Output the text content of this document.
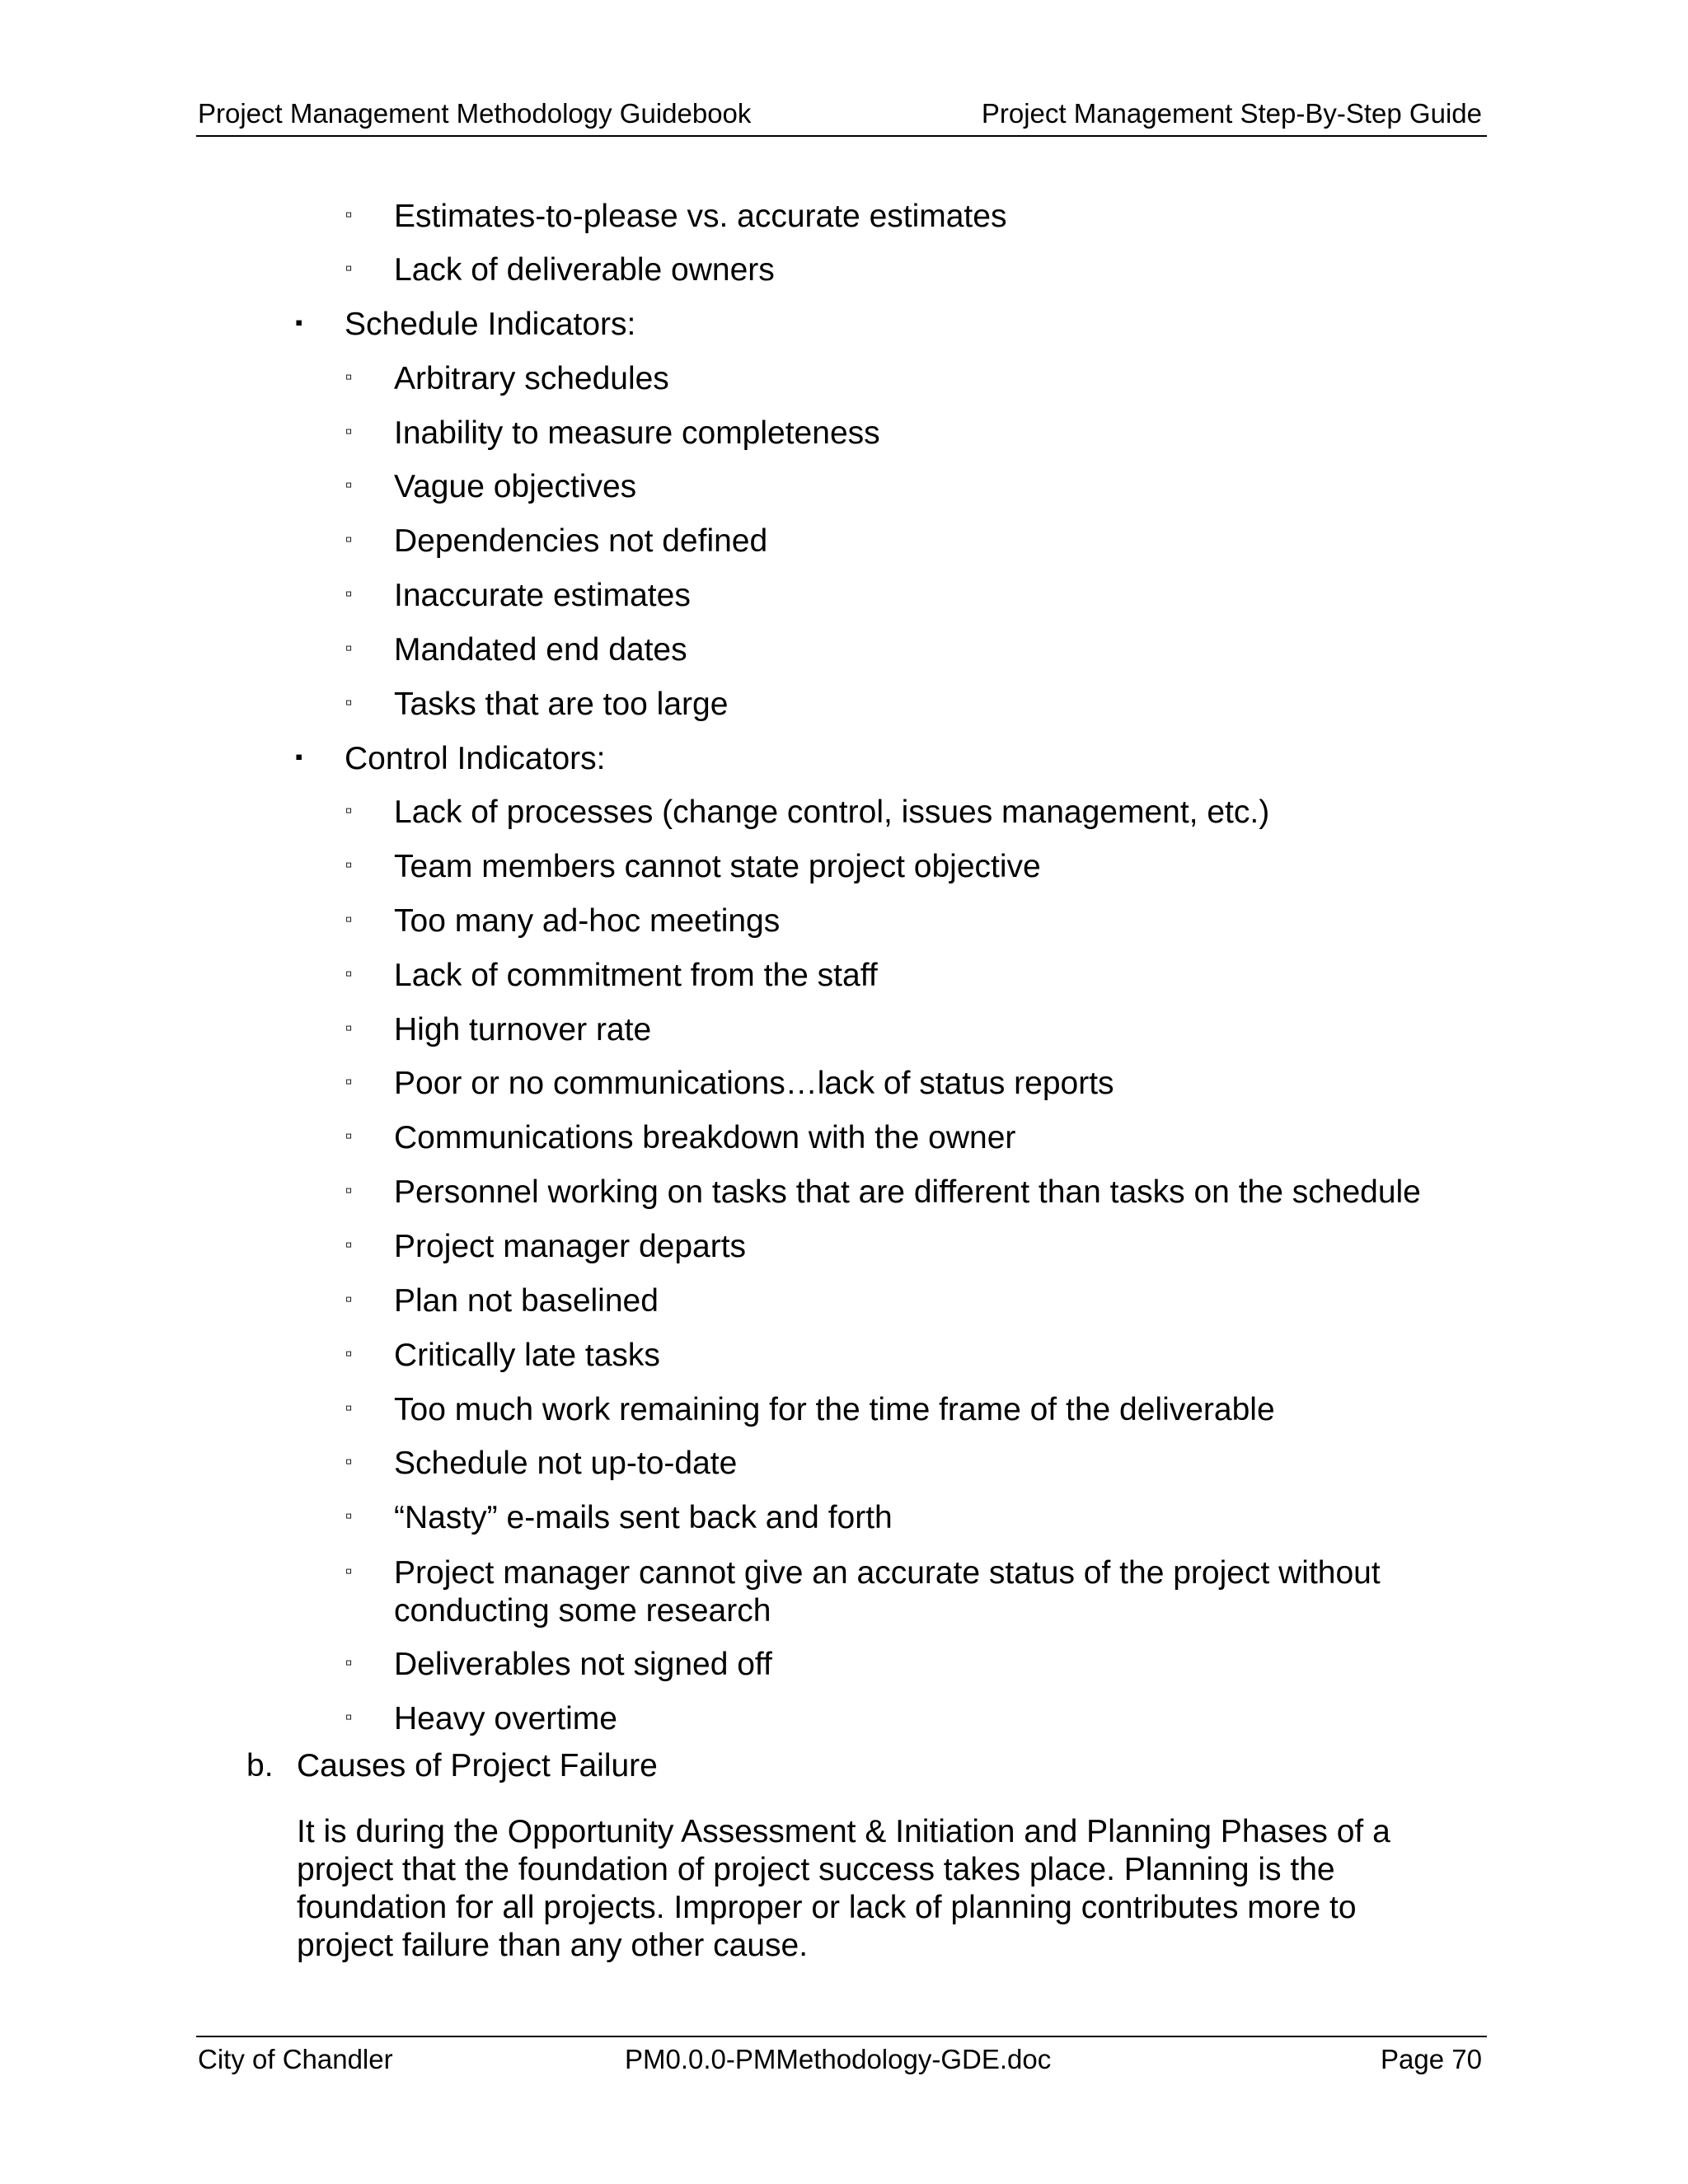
Project Management Methodology Guidebook	Project Management Step-By-Step Guide
▫ Estimates-to-please vs. accurate estimates
▫ Lack of deliverable owners
▪ Schedule Indicators:
▫ Arbitrary schedules
▫ Inability to measure completeness
▫ Vague objectives
▫ Dependencies not defined
▫ Inaccurate estimates
▫ Mandated end dates
▫ Tasks that are too large
▪ Control Indicators:
▫ Lack of processes (change control, issues management, etc.)
▫ Team members cannot state project objective
▫ Too many ad-hoc meetings
▫ Lack of commitment from the staff
▫ High turnover rate
▫ Poor or no communications…lack of status reports
▫ Communications breakdown with the owner
▫ Personnel working on tasks that are different than tasks on the schedule
▫ Project manager departs
▫ Plan not baselined
▫ Critically late tasks
▫ Too much work remaining for the time frame of the deliverable
▫ Schedule not up-to-date
▫ “Nasty” e-mails sent back and forth
▫ Project manager cannot give an accurate status of the project without
conducting some research
▫ Deliverables not signed off
▫ Heavy overtime
b. Causes of Project Failure

It is during the Opportunity Assessment & Initiation and Planning Phases of a

project that the foundation of project success takes place. Planning is the

foundation for all projects. Improper or lack of planning contributes more to

project failure than any other cause.

City of Chandler	PM0.0.0-PMMethodology-GDE.doc	Page 70
